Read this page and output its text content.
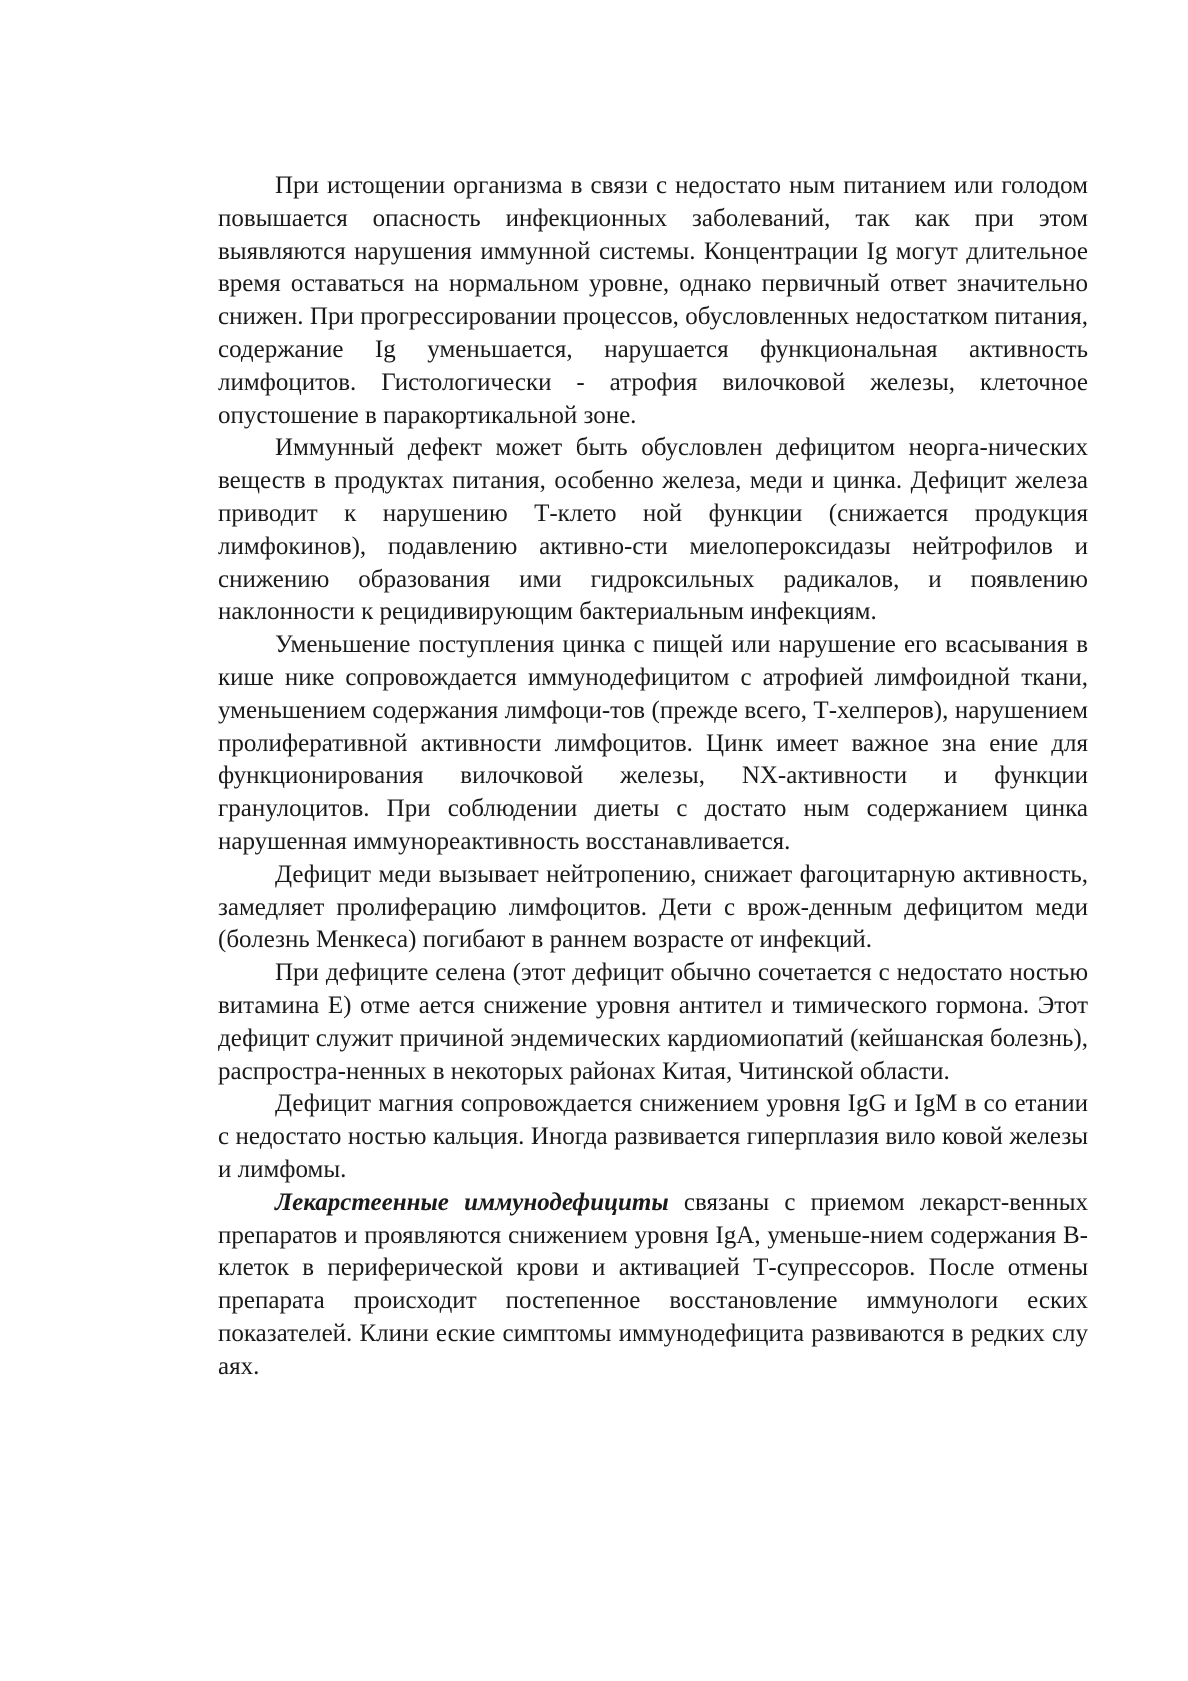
При истощении организма в связи с недостато ным питанием или голодом повышается опасность инфекционных заболеваний, так как при этом выявляются нарушения иммунной системы. Концентрации Ig могут длительное время оставаться на нормальном уровне, однако первичный ответ значительно снижен. При прогрессировании процессов, обусловленных недостатком питания, содержание Ig уменьшается, нарушается функциональная активность лимфоцитов. Гистологически - атрофия вилочковой железы, клеточное опустошение в паракортикальной зоне.

Иммунный дефект может быть обусловлен дефицитом неорга-нических веществ в продуктах питания, особенно железа, меди и цинка. Дефицит железа приводит к нарушению Т-клето ной функции (снижается продукция лимфокинов), подавлению активно-сти миелопероксидазы нейтрофилов и снижению образования ими гидроксильных радикалов, и появлению наклонности к рецидивирующим бактериальным инфекциям.

Уменьшение поступления цинка с пищей или нарушение его всасывания в кише нике сопровождается иммунодефицитом с атрофией лимфоидной ткани, уменьшением содержания лимфоци-тов (прежде всего, Т-хелперов), нарушением пролиферативной активности лимфоцитов. Цинк имеет важное зна ение для функционирования вилочковой железы, NX-активности и функции гранулоцитов. При соблюдении диеты с достато ным содержанием цинка нарушенная иммунореактивность восстанавливается.

Дефицит меди вызывает нейтропению, снижает фагоцитарную активность, замедляет пролиферацию лимфоцитов. Дети с врож-денным дефицитом меди (болезнь Менкеса) погибают в раннем возрасте от инфекций.

При дефиците селена (этот дефицит обычно сочетается с недостато ностью витамина Е) отме ается снижение уровня антител и тимического гормона. Этот дефицит служит причиной эндемических кардиомиопатий (кейшанская болезнь), распростра-ненных в некоторых районах Китая, Читинской области.

Дефицит магния сопровождается снижением уровня IgG и IgM в со етании с недостато ностью кальция. Иногда развивается гиперплазия вило ковой железы и лимфомы.

Лекарстеенные иммунодефициты связаны с приемом лекарст-венных препаратов и проявляются снижением уровня IgA, уменьше-нием содержания В-клеток в периферической крови и активацией Т-супрессоров. После отмены препарата происходит постепенное восстановление иммунологи еских показателей. Клини еские симптомы иммунодефицита развиваются в редких слу аях.
